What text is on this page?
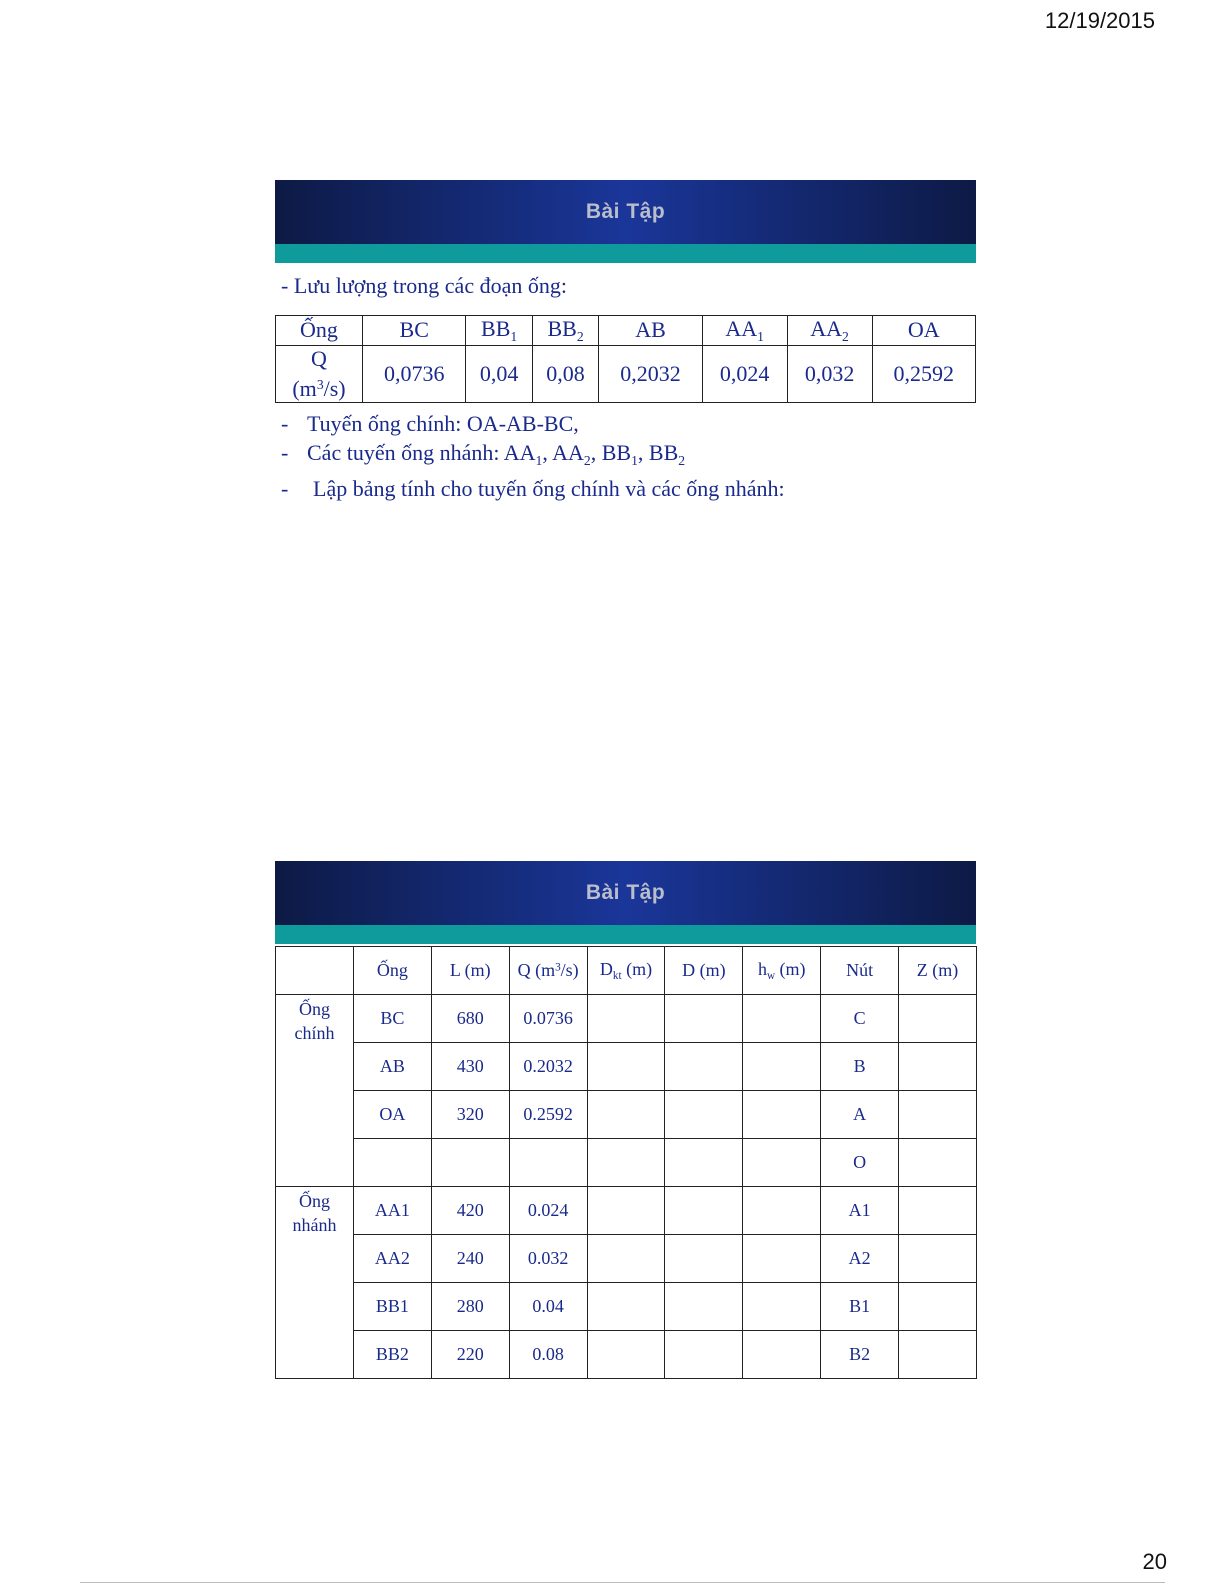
12/19/2015
Bài Tập
- Lưu lượng trong các đoạn ống:
Ống	BC	$BB_1$	$BB_2$	AB	$AA_1$	$AA_2$	OA
Q
$(m^3/s)$	0,0736	0,04	0,08	0,2032	0,024	0,032	0,2592
- Tuyến ống chính: OA-AB-BC,
- Các tuyến ống nhánh: $AA_1$, $AA_2$, $BB_1$, $BB_2$
- Lập bảng tính cho tuyến ống chính và các ống nhánh:
Bài Tập
	Ống	L (m)	Q $(m^3/s)$	$D_{kt}$ (m)	D (m)	$h_w$ (m)	Nút	Z (m)
Ống
chính	BC	680	0.0736				C	
	AB	430	0.2032				B	
	OA	320	0.2592				A	
							O	
Ống
nhánh	AA1	420	0.024				A1	
	AA2	240	0.032				A2	
	BB1	280	0.04				B1	
	BB2	220	0.08				B2	
20
